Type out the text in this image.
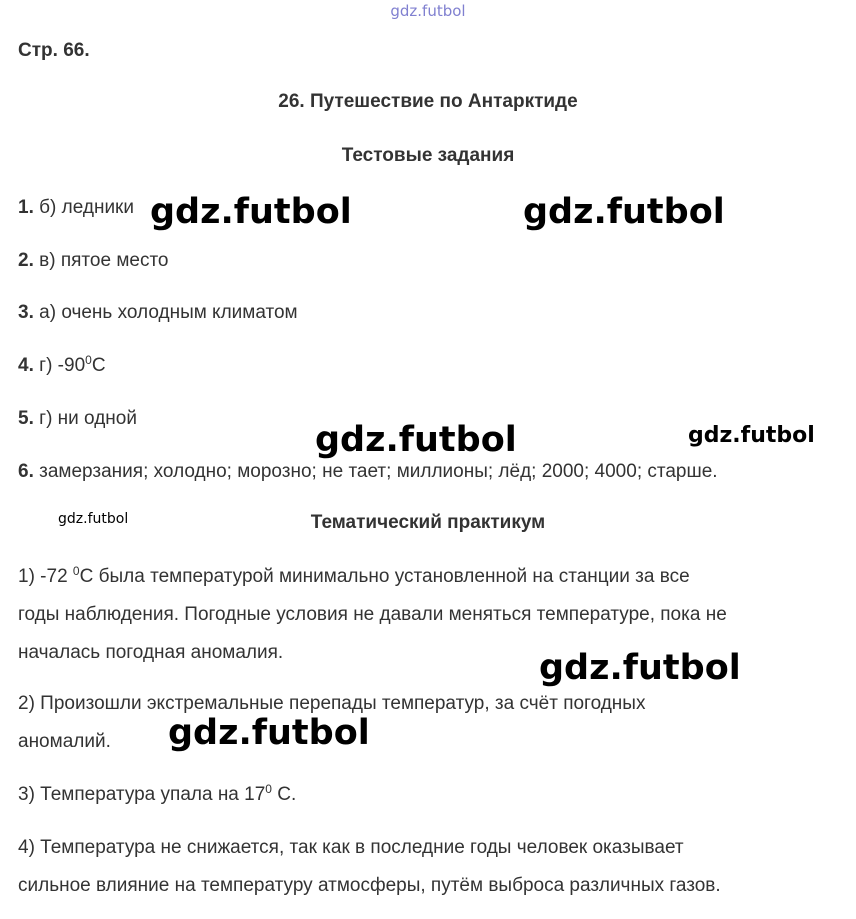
gdz.futbol
Стр. 66.
26. Путешествие по Антарктиде
Тестовые задания
1. б) ледники
2. в) пятое место
3. а) очень холодным климатом
4. г) $-90^0С$
5. г) ни одной
6. замерзания; холодно; морозно; не тает; миллионы; лёд; 2000; 4000; старше.
Тематический практикум
1) -72 $^0$С была температурой минимально установленной на станции за все
годы наблюдения. Погодные условия не давали меняться температуре, пока не
началась погодная аномалия.
2) Произошли экстремальные перепады температур, за счёт погодных
аномалий.
3) Температура упала на $17^0$ С.
4) Температура не снижается, так как в последние годы человек оказывает
сильное влияние на температуру атмосферы, путём выброса различных газов.
gdz.futbol	gdz.futbol
gdz.futbol	gdz.futbol
gdz.futbol
gdz.futbol
gdz.futbol
